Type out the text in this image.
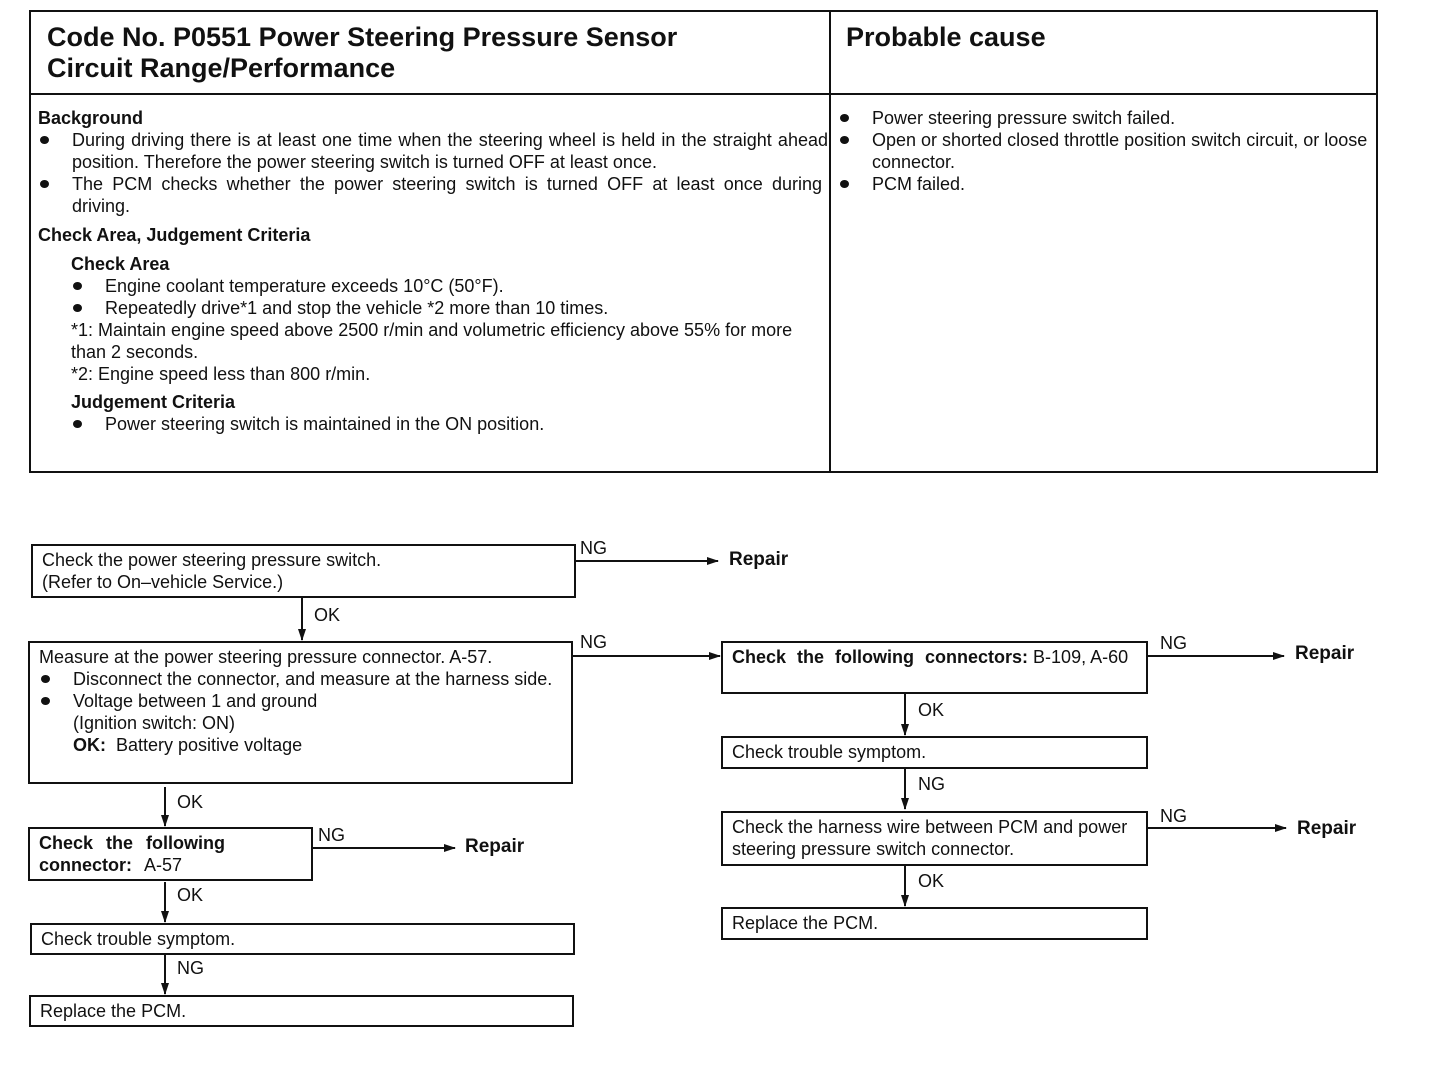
Code No. P0551 Power Steering Pressure Sensor
Circuit Range/Performance
Probable cause
Background
During driving there is at least one time when the steering wheel is held in the straight ahead position. Therefore the power steering switch is turned OFF at least once.
The PCM checks whether the power steering switch is turned OFF at least once during driving.
Check Area, Judgement Criteria
Check Area
Engine coolant temperature exceeds 10°C (50°F).
Repeatedly drive*1 and stop the vehicle *2 more than 10 times.
*1: Maintain engine speed above 2500 r/min and volumetric efficiency above 55% for more than 2 seconds.
*2: Engine speed less than 800 r/min.
Judgement Criteria
Power steering switch is maintained in the ON position.
Power steering pressure switch failed.
Open or shorted closed throttle position switch circuit, or loose connector.
PCM failed.
Check the power steering pressure switch.
(Refer to On–vehicle Service.)
Measure at the power steering pressure connector. A-57.
Disconnect the connector, and measure at the harness side.
Voltage between 1 and ground
(Ignition switch: ON)
OK: Battery positive voltage
Check the following connector: A-57
Check trouble symptom.
Replace the PCM.
Check the following connectors: B-109, A-60
Check trouble symptom.
Check the harness wire between PCM and power steering pressure switch connector.
Replace the PCM.
NG
OK
NG
OK
NG
OK
NG
NG
OK
NG
NG
OK
Repair
Repair
Repair
Repair
